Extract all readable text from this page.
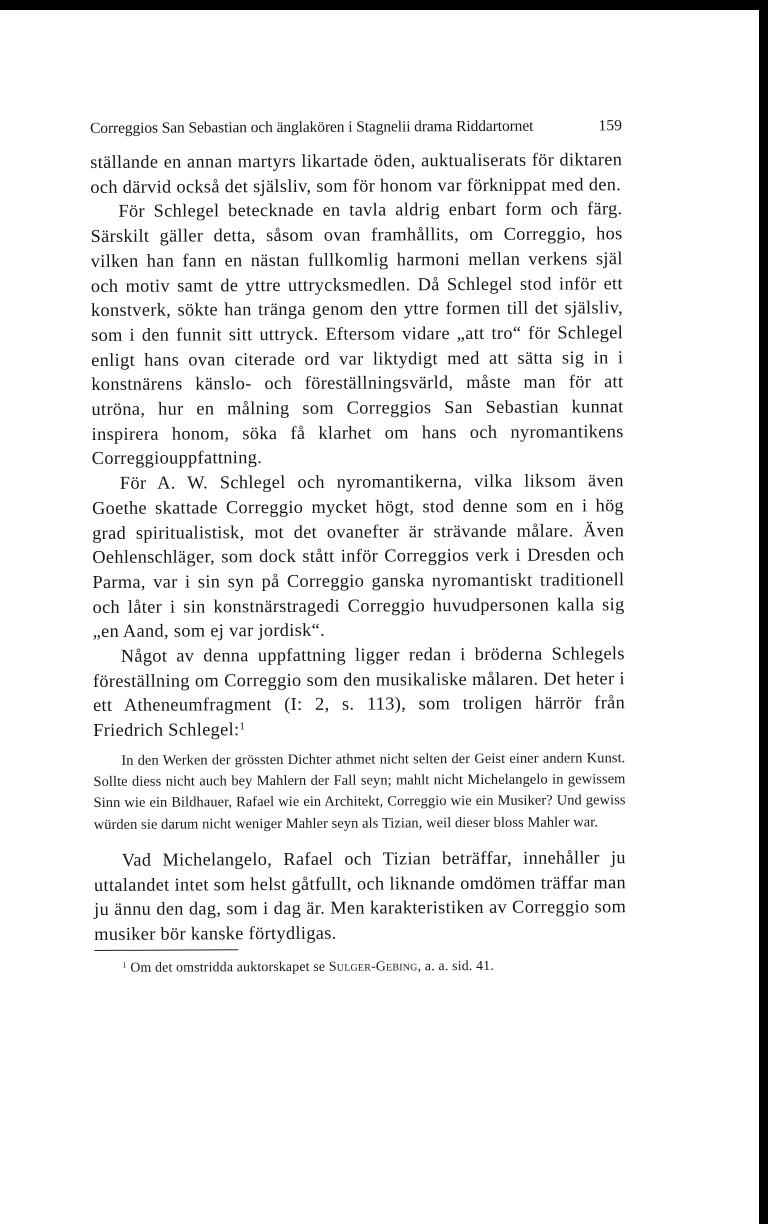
Correggios San Sebastian och änglakören i Stagnelii drama Riddartornet	159

ställande en annan martyrs likartade öden, auktualiserats för diktaren och därvid också det själsliv, som för honom var förknippat med den.

För Schlegel betecknade en tavla aldrig enbart form och färg. Särskilt gäller detta, såsom ovan framhållits, om Correggio, hos vilken han fann en nästan fullkomlig harmoni mellan verkens själ och motiv samt de yttre uttrycksmedlen. Då Schlegel stod inför ett konstverk, sökte han tränga genom den yttre formen till det själsliv, som i den funnit sitt uttryck. Eftersom vidare „att tro“ för Schlegel enligt hans ovan citerade ord var liktydigt med att sätta sig in i konstnärens känslo- och föreställningsvärld, måste man för att utröna, hur en målning som Correggios San Sebastian kunnat inspirera honom, söka få klarhet om hans och nyromantikens Correggiouppfattning.

För A. W. Schlegel och nyromantikerna, vilka liksom även Goethe skattade Correggio mycket högt, stod denne som en i hög grad spiritualistisk, mot det ovanefter är strävande målare. Även Oehlenschläger, som dock stått inför Correggios verk i Dresden och Parma, var i sin syn på Correggio ganska nyromantiskt traditionell och låter i sin konstnärstragedi Correggio huvudpersonen kalla sig „en Aand, som ej var jordisk“.

Något av denna uppfattning ligger redan i bröderna Schlegels föreställning om Correggio som den musikaliske målaren. Det heter i ett Atheneumfragment (I: 2, s. 113), som troligen härrör från Friedrich Schlegel:$^1$

In den Werken der grössten Dichter athmet nicht selten der Geist einer andern Kunst. Sollte diess nicht auch bey Mahlern der Fall seyn; mahlt nicht Michelangelo in gewissem Sinn wie ein Bildhauer, Rafael wie ein Architekt, Correggio wie ein Musiker? Und gewiss würden sie darum nicht weniger Mahler seyn als Tizian, weil dieser bloss Mahler war.

Vad Michelangelo, Rafael och Tizian beträffar, innehåller ju uttalandet intet som helst gåtfullt, och liknande omdömen träffar man ju ännu den dag, som i dag är. Men karakteristiken av Correggio som musiker bör kanske förtydligas.

$^1$ Om det omstridda auktorskapet se Sulger-Gebing, a. a. sid. 41.
